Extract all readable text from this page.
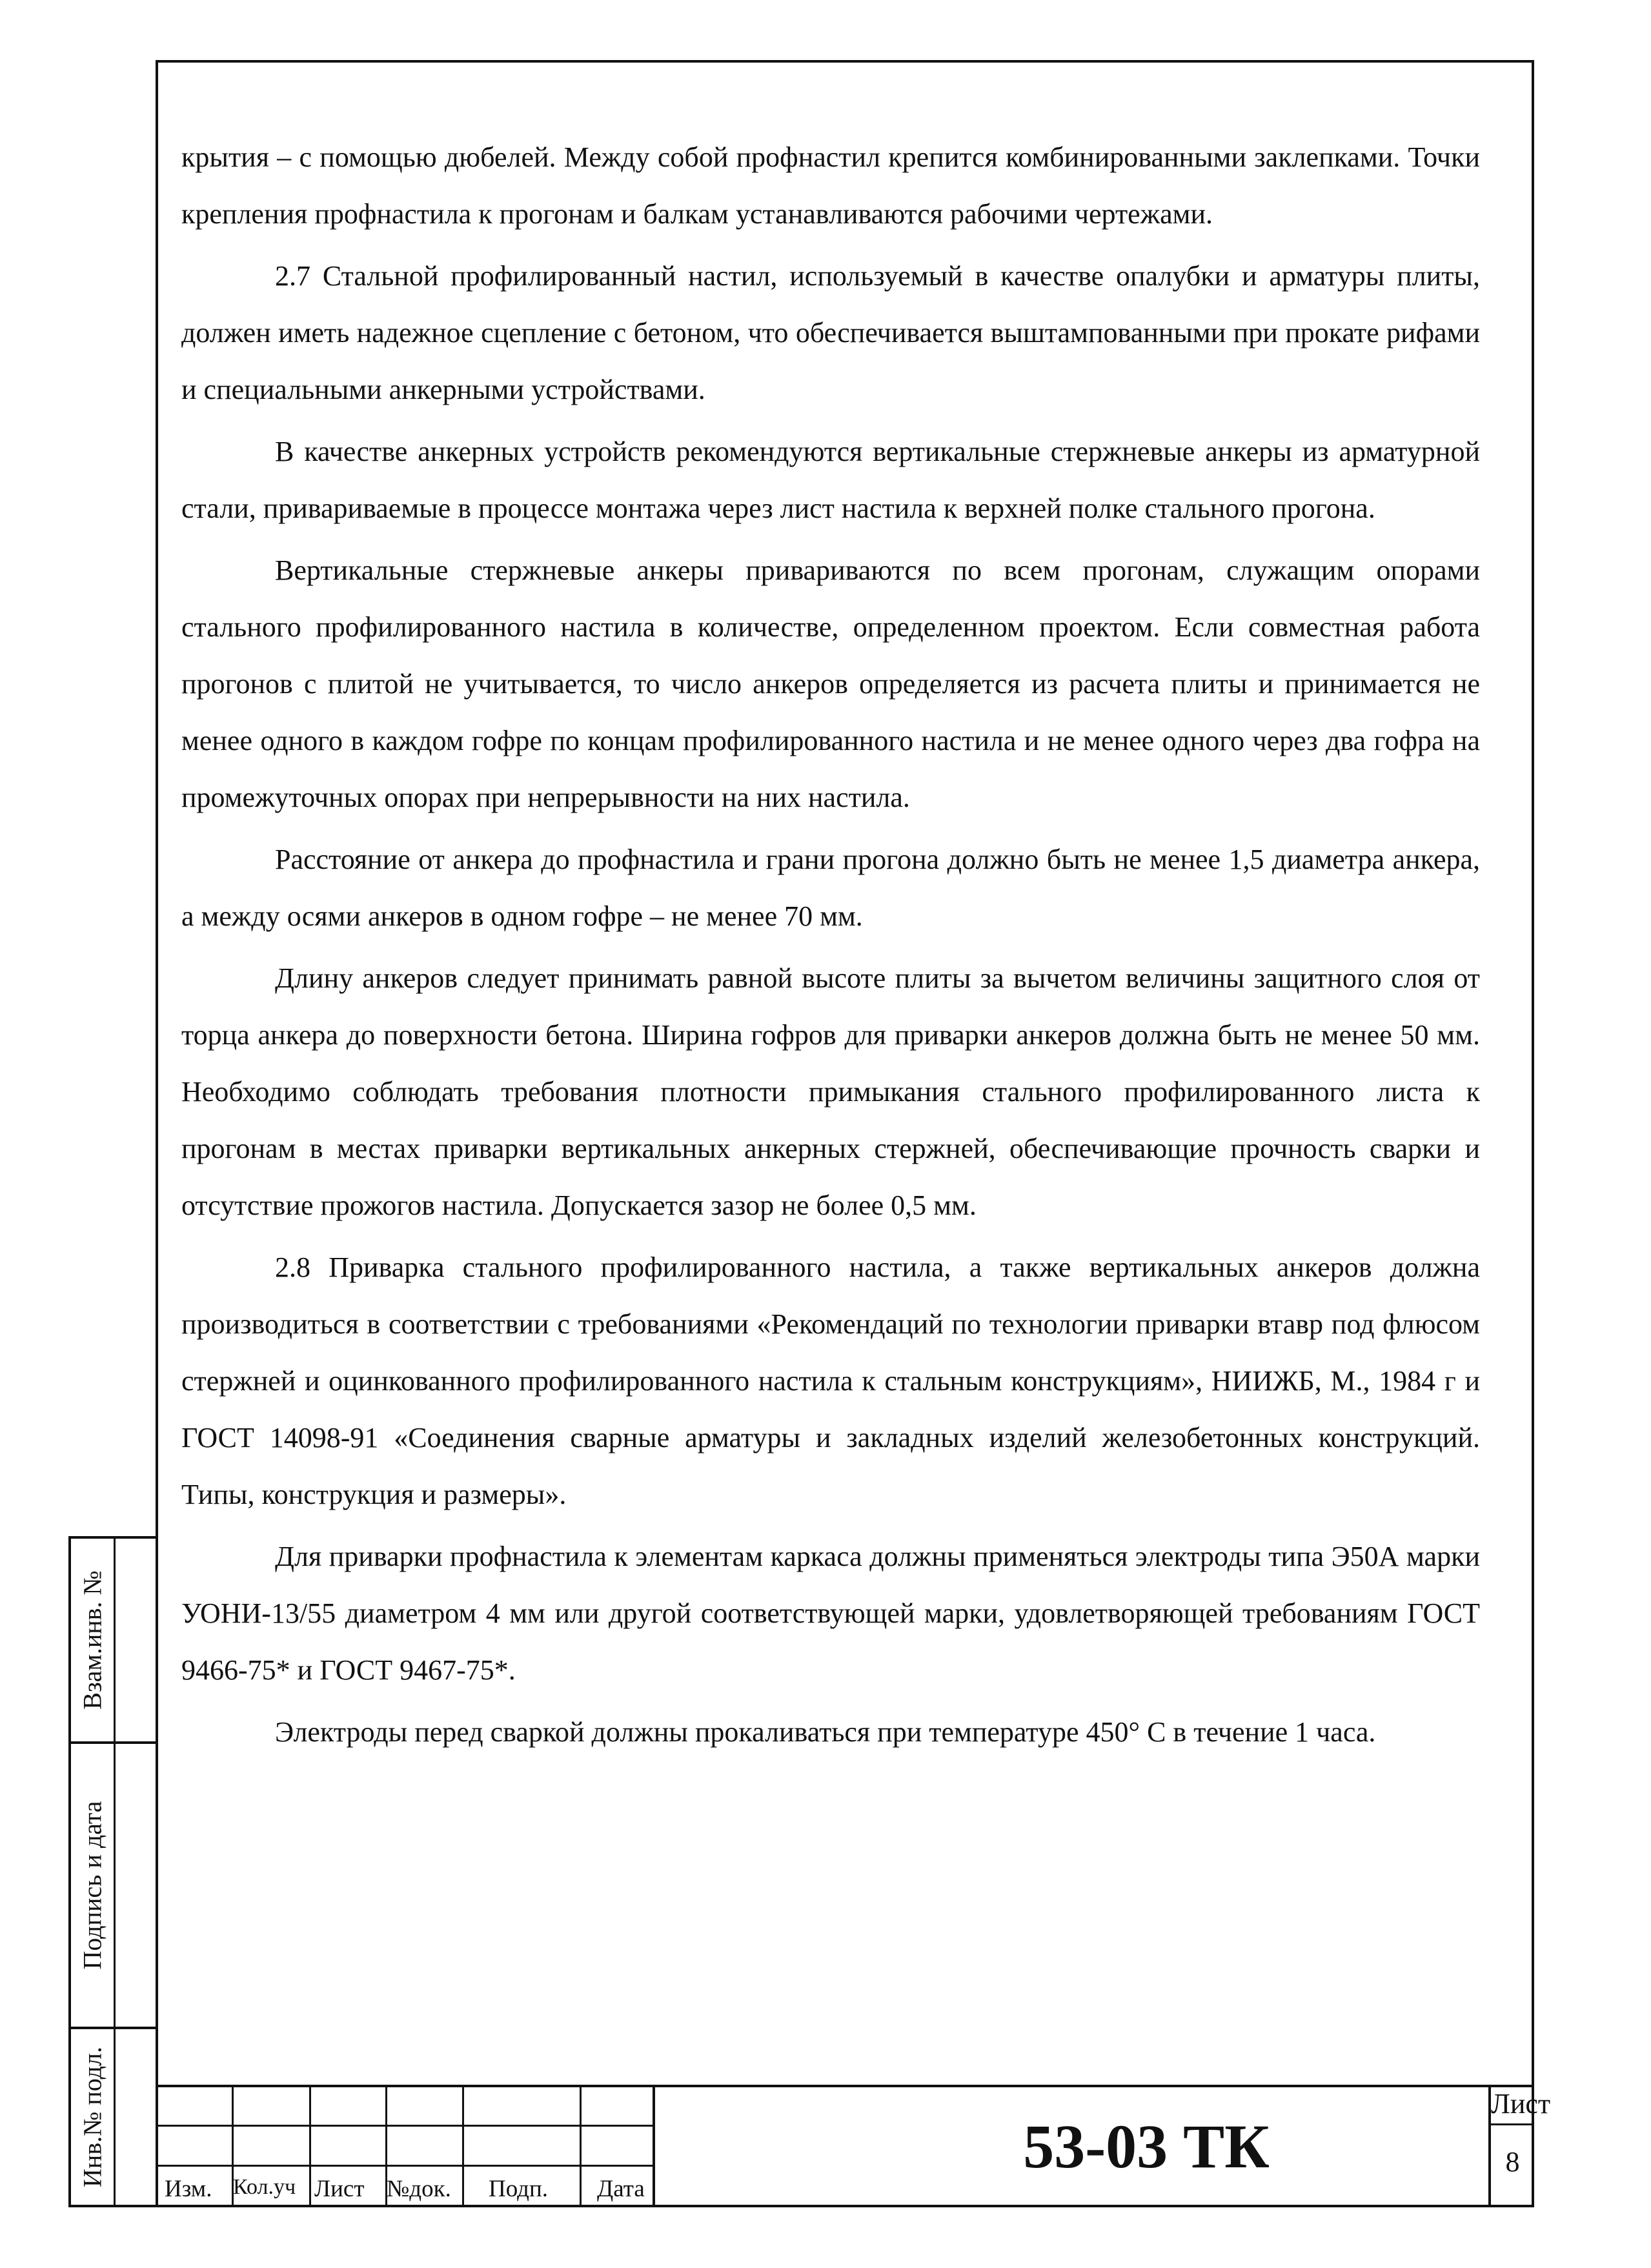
крытия – с помощью дюбелей. Между собой профнастил крепится комбинированными заклепками. Точки крепления профнастила к прогонам и балкам устанавливаются рабочими чертежами.

2.7 Стальной профилированный настил, используемый в качестве опалубки и арматуры плиты, должен иметь надежное сцепление с бетоном, что обеспечивается выштампованными при прокате рифами и специальными анкерными устройствами.

В качестве анкерных устройств рекомендуются вертикальные стержневые анкеры из арматурной стали, привариваемые в процессе монтажа через лист настила к верхней полке стального прогона.

Вертикальные стержневые анкеры привариваются по всем прогонам, служащим опорами стального профилированного настила в количестве, определенном проектом. Если совместная работа прогонов с плитой не учитывается, то число анкеров определяется из расчета плиты и принимается не менее одного в каждом гофре по концам профилированного настила и не менее одного через два гофра на промежуточных опорах при непрерывности на них настила.

Расстояние от анкера до профнастила и грани прогона должно быть не менее 1,5 диаметра анкера, а между осями анкеров в одном гофре – не менее 70 мм.

Длину анкеров следует принимать равной высоте плиты за вычетом величины защитного слоя от торца анкера до поверхности бетона. Ширина гофров для приварки анкеров должна быть не менее 50 мм. Необходимо соблюдать требования плотности примыкания стального профилированного листа к прогонам в местах приварки вертикальных анкерных стержней, обеспечивающие прочность сварки и отсутствие прожогов настила. Допускается зазор не более 0,5 мм.

2.8 Приварка стального профилированного настила, а также вертикальных анкеров должна производиться в соответствии с требованиями «Рекомендаций по технологии приварки втавр под флюсом стержней и оцинкованного профилированного настила к стальным конструкциям», НИИЖБ, М., 1984 г и ГОСТ 14098-91 «Соединения сварные арматуры и закладных изделий железобетонных конструкций. Типы, конструкция и размеры».

Для приварки профнастила к элементам каркаса должны применяться электроды типа Э50А марки УОНИ-13/55 диаметром 4 мм или другой соответствующей марки, удовлетворяющей требованиям ГОСТ 9466-75* и ГОСТ 9467-75*.

Электроды перед сваркой должны прокаливаться при температуре 450° С в течение 1 часа.

Взам.инв. №
Подпись и дата
Инв.№ подл.
Изм. Кол.уч Лист №док. Подп. Дата
53-03 ТК
Лист
8
